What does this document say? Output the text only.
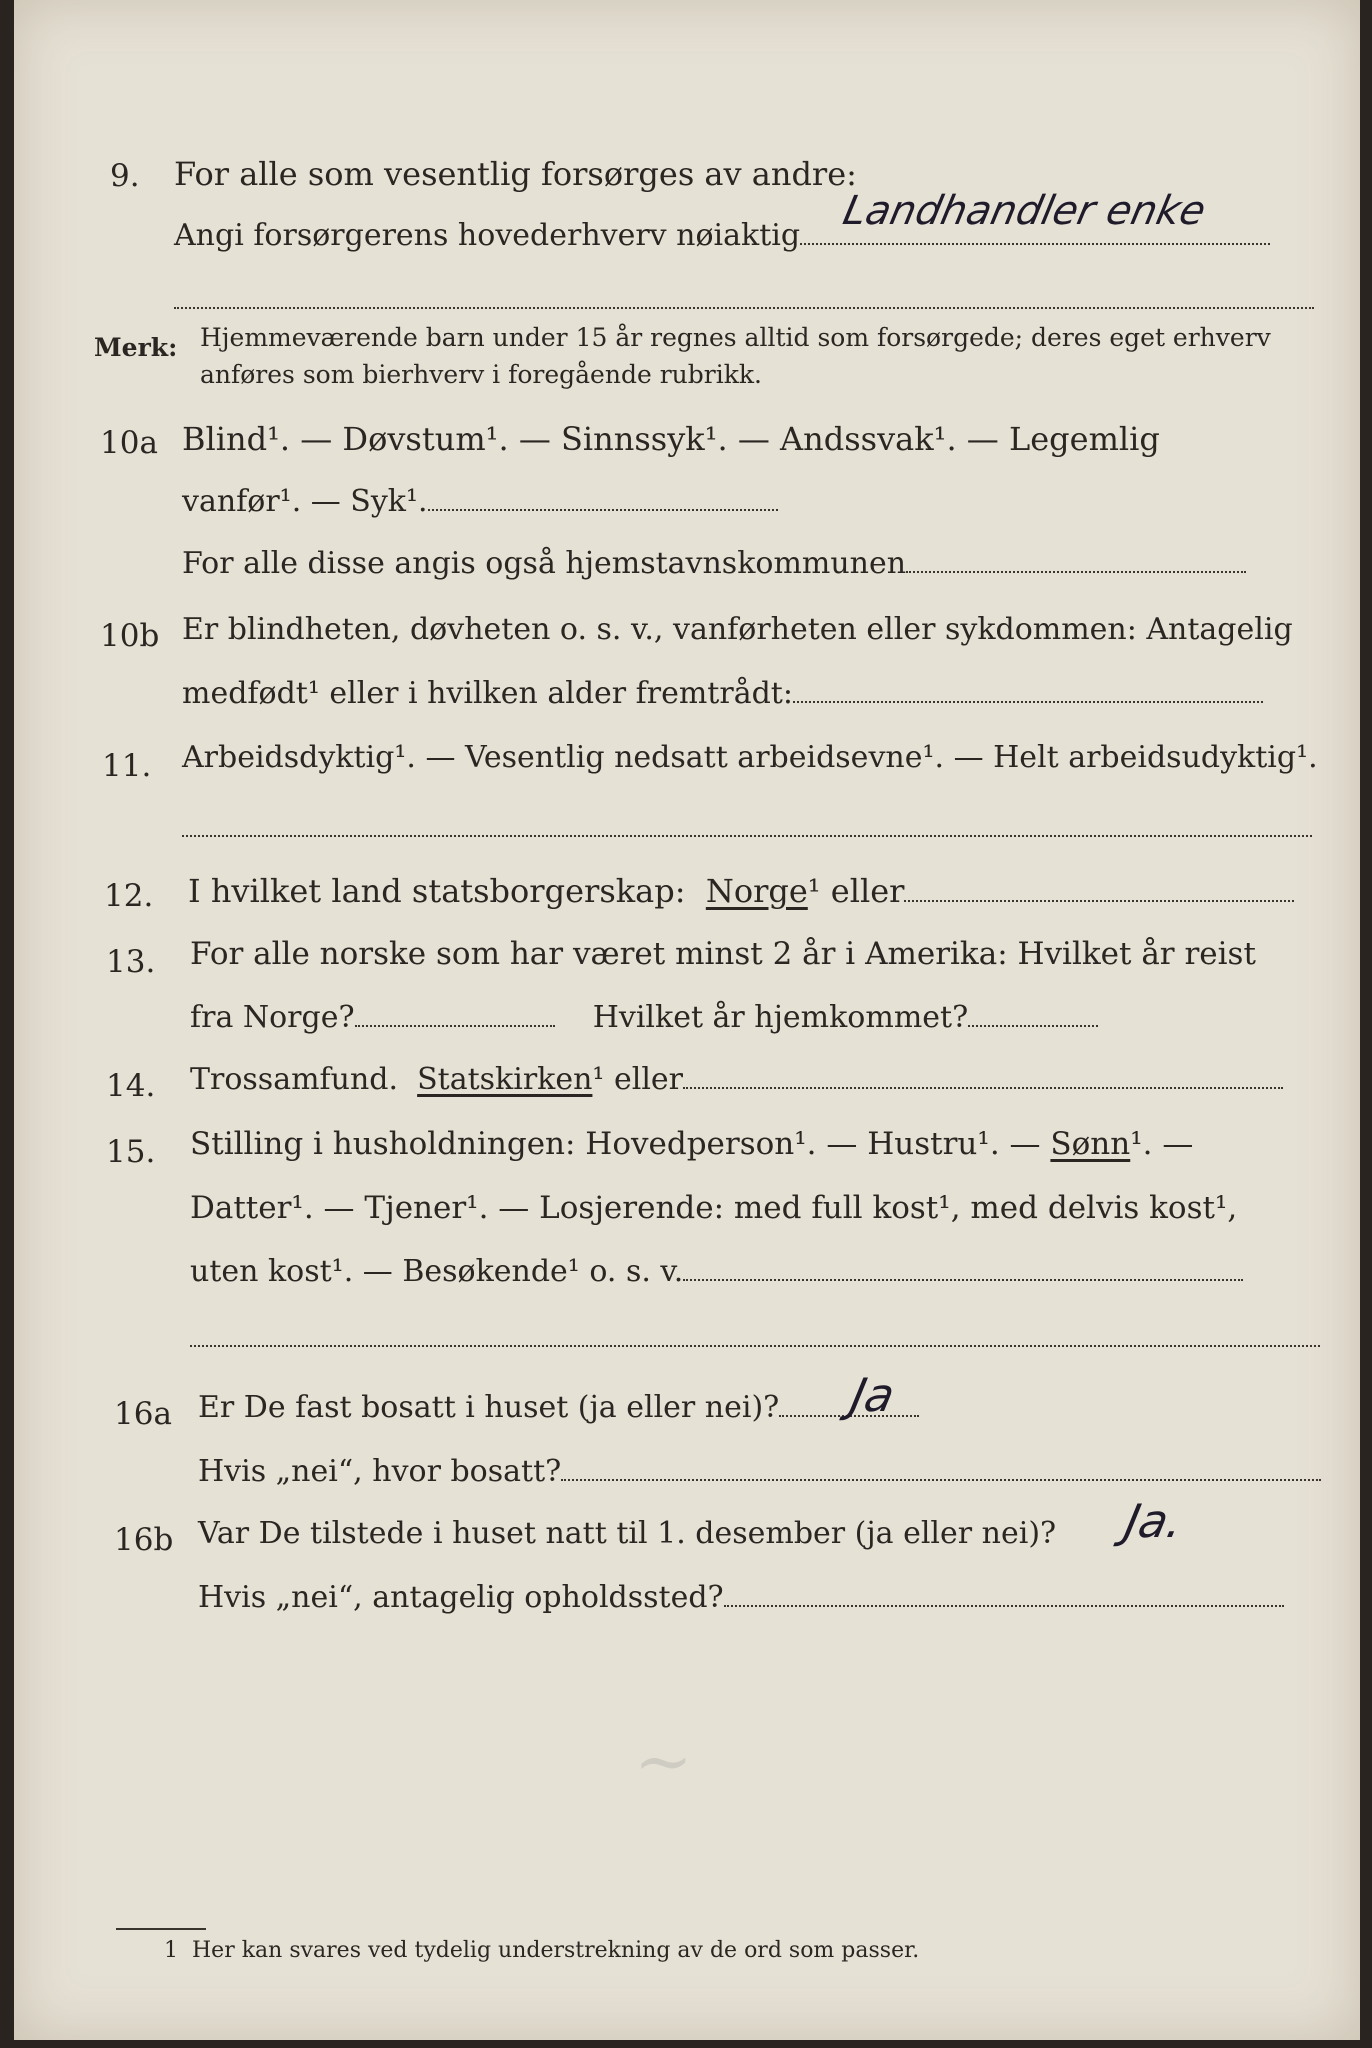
9. For alle som vesentlig forsørges av andre:
Angi forsørgerens hovederhverv nøiaktig
Landhandler enke
Merk: Hjemmeværende barn under 15 år regnes alltid som forsørgede; deres eget erhverv
anføres som bierhverv i foregående rubrikk.
10a Blind¹. — Døvstum¹. — Sinnssyk¹. — Andssvak¹. — Legemlig
vanfør¹. — Syk¹.
For alle disse angis også hjemstavnskommunen
10b Er blindheten, døvheten o. s. v., vanførheten eller sykdommen: Antagelig
medfødt¹ eller i hvilken alder fremtrådt:
11. Arbeidsdyktig¹. — Vesentlig nedsatt arbeidsevne¹. — Helt arbeidsudyktig¹.
12. I hvilket land statsborgerskap: Norge¹ eller
13. For alle norske som har været minst 2 år i Amerika: Hvilket år reist
fra Norge?	Hvilket år hjemkommet?
14. Trossamfund. Statskirken¹ eller
15. Stilling i husholdningen: Hovedperson¹. — Hustru¹. — Sønn¹. —
Datter¹. — Tjener¹. — Losjerende: med full kost¹, med delvis kost¹,
uten kost¹. — Besøkende¹ o. s. v.
16a Er De fast bosatt i huset (ja eller nei)?	Ja
Hvis „nei“, hvor bosatt?
16b Var De tilstede i huset natt til 1. desember (ja eller nei)? Ja.
Hvis „nei“, antagelig opholdssted?
~
1 Her kan svares ved tydelig understrekning av de ord som passer.
